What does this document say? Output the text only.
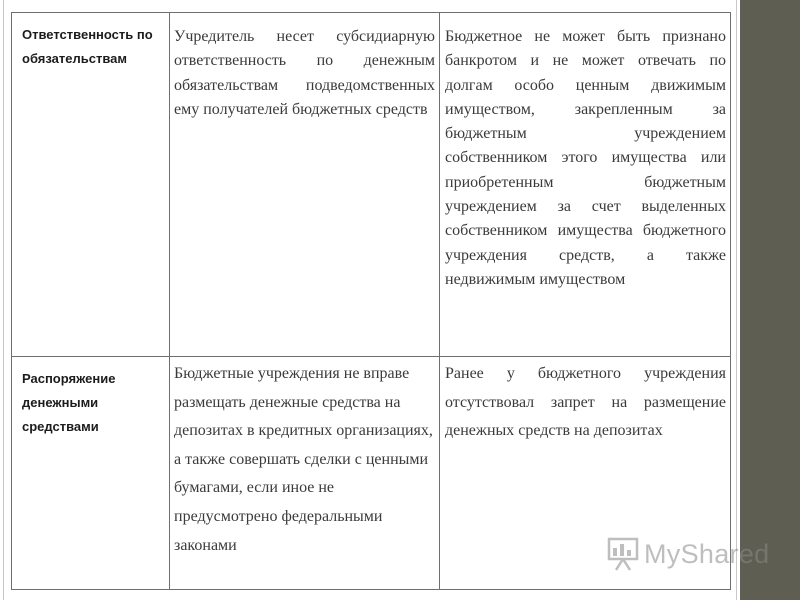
Ответственность по обязательствам	Учредитель несет субсидиарную ответственность по денежным обязательствам подведомственных ему получателей бюджетных средств	Бюджетное не может быть признано банкротом и не может отвечать по долгам особо ценным движимым имуществом, закрепленным за бюджетным учреждением собственником этого имущества или приобретенным бюджетным учреждением за счет выделенных собственником имущества бюджетного учреждения средств, а также недвижимым имуществом

Распоряжение денежными средствами	Бюджетные учреждения не вправе размещать денежные средства на депозитах в кредитных организациях, а также совершать сделки с ценными бумагами, если иное не предусмотрено федеральными законами	Ранее у бюджетного учреждения отсутствовал запрет на размещение денежных средств на депозитах
MyShared
